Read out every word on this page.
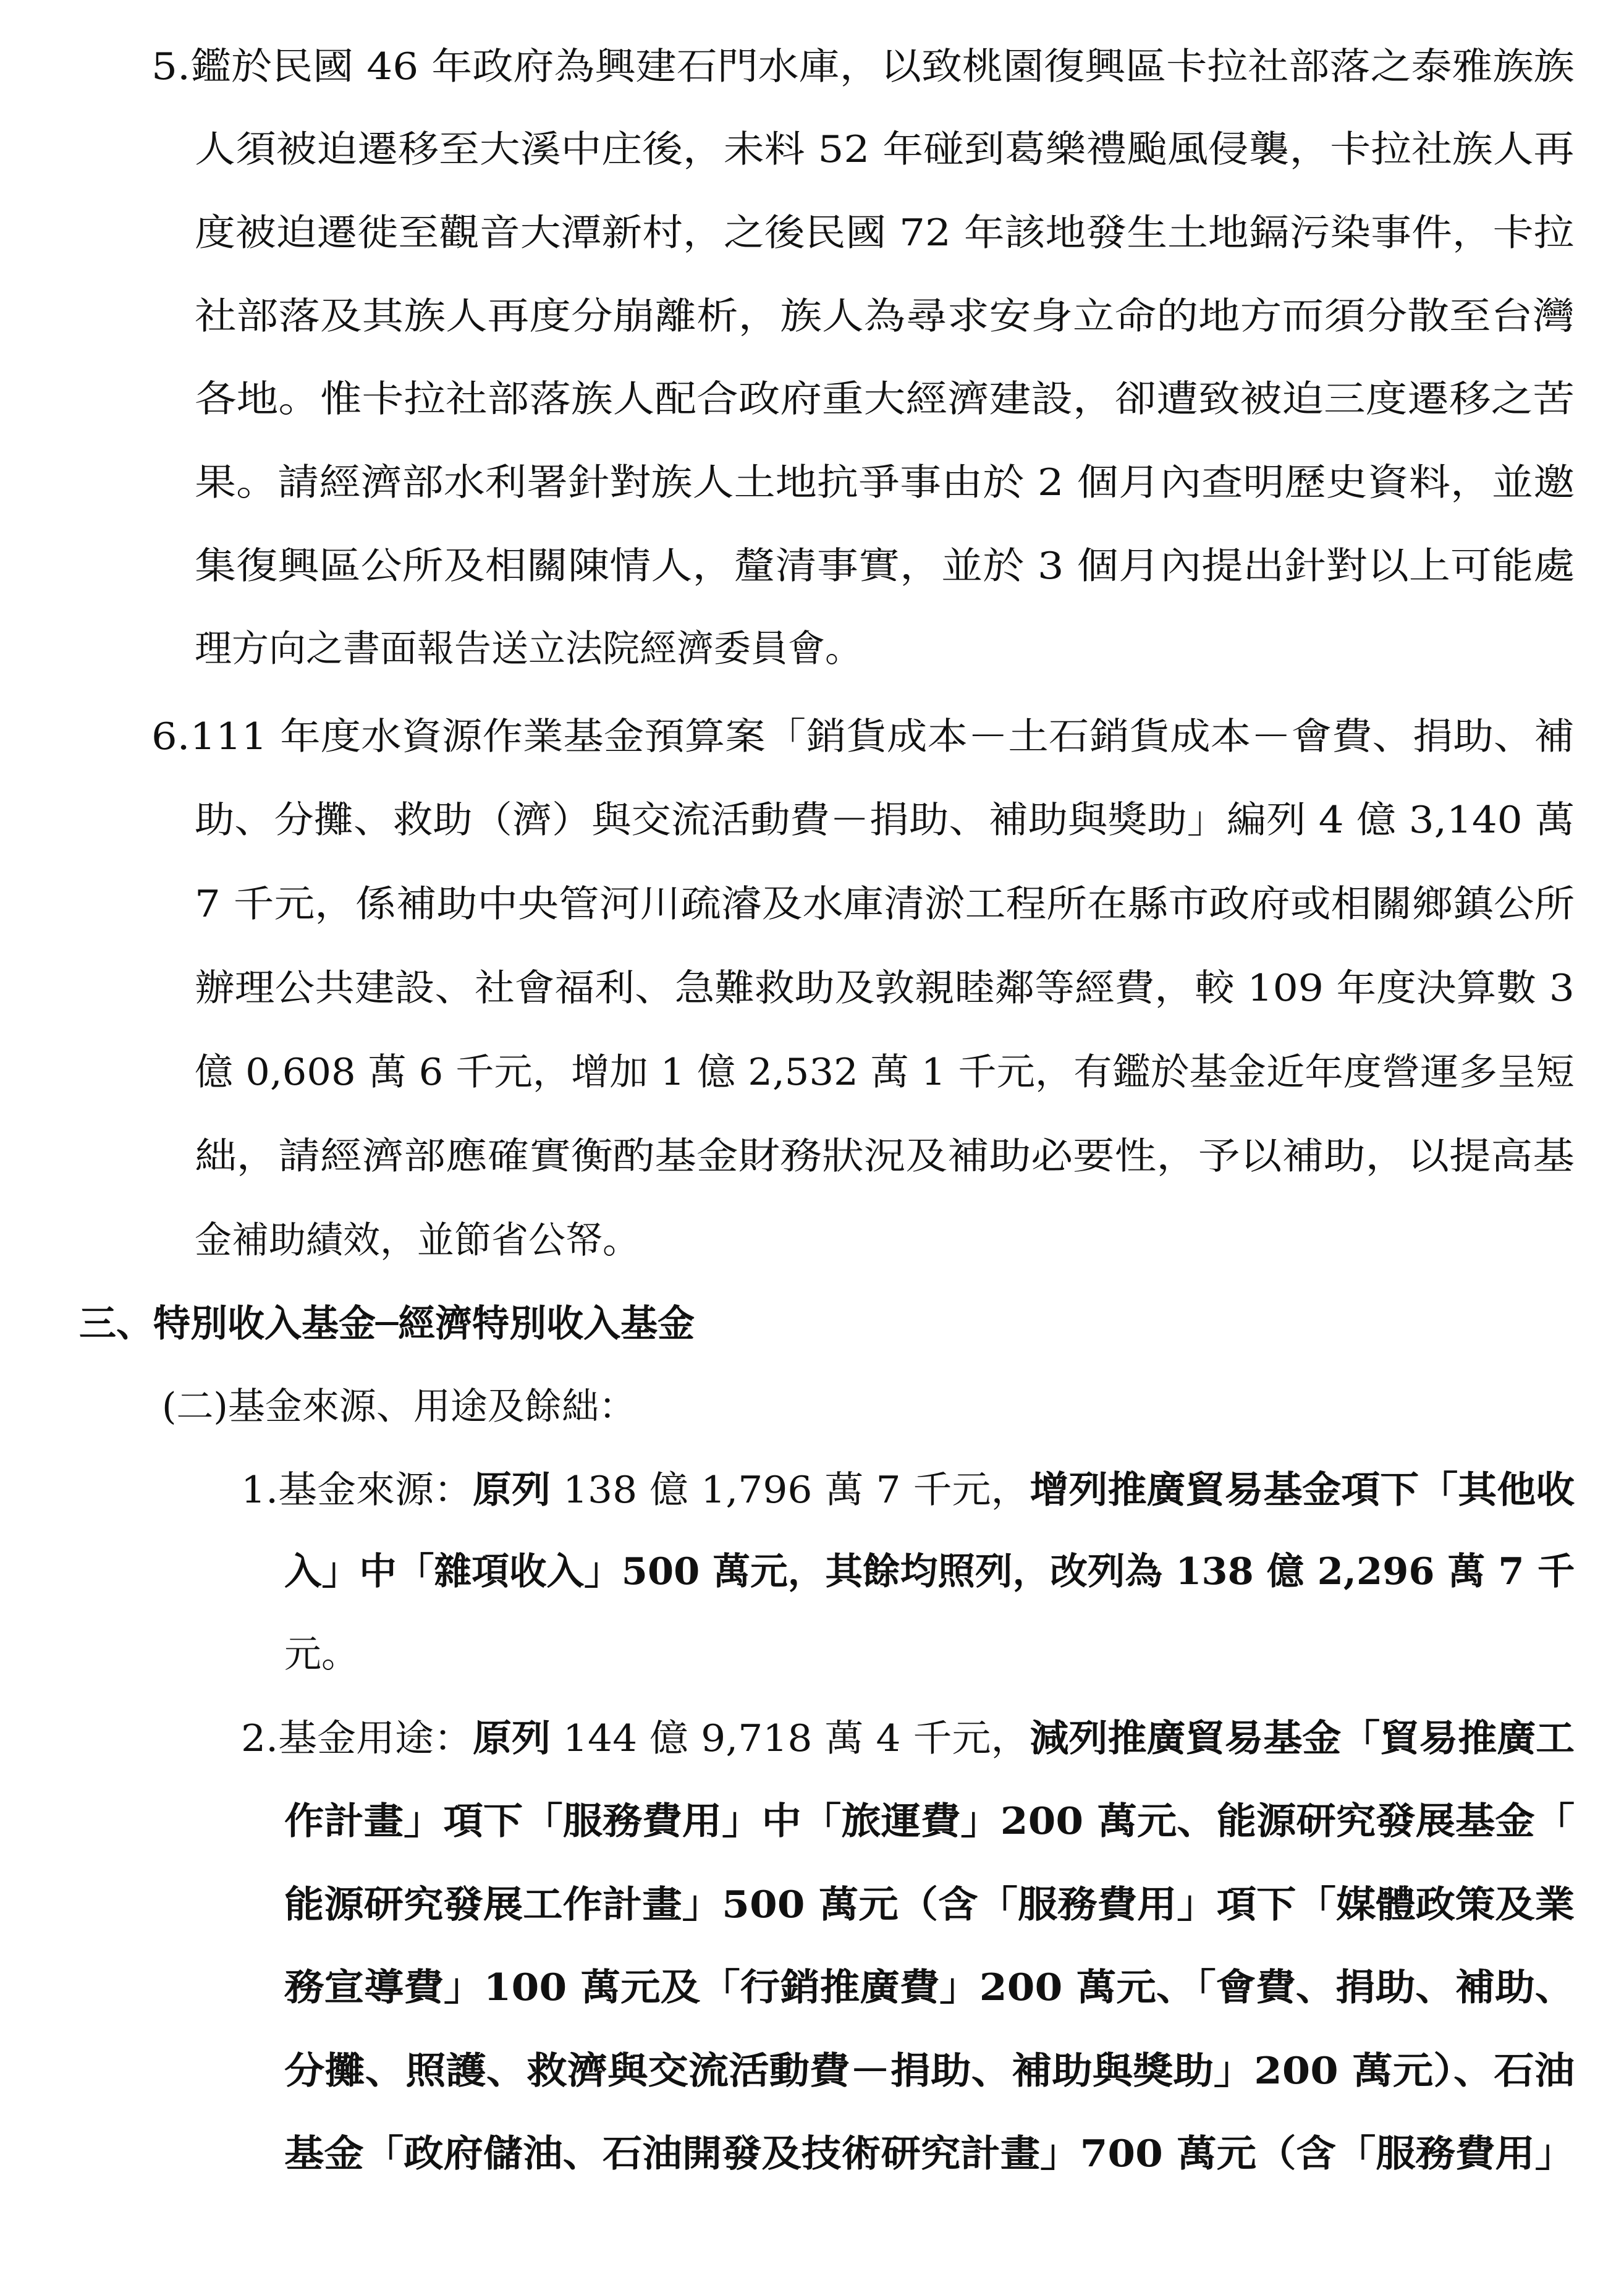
5.鑑於民國 46 年政府為興建石門水庫，以致桃園復興區卡拉社部落之泰雅族族

人須被迫遷移至大溪中庄後，未料 52 年碰到葛樂禮颱風侵襲，卡拉社族人再

度被迫遷徙至觀音大潭新村，之後民國 72 年該地發生土地鎘污染事件，卡拉

社部落及其族人再度分崩離析，族人為尋求安身立命的地方而須分散至台灣

各地。惟卡拉社部落族人配合政府重大經濟建設，卻遭致被迫三度遷移之苦

果。請經濟部水利署針對族人土地抗爭事由於 2 個月內查明歷史資料，並邀

集復興區公所及相關陳情人，釐清事實，並於 3 個月內提出針對以上可能處

理方向之書面報告送立法院經濟委員會。

6.111 年度水資源作業基金預算案「銷貨成本－土石銷貨成本－會費、捐助、補

助、分攤、救助（濟）與交流活動費－捐助、補助與獎助」編列 4 億 3,140 萬

7 千元，係補助中央管河川疏濬及水庫清淤工程所在縣市政府或相關鄉鎮公所

辦理公共建設、社會福利、急難救助及敦親睦鄰等經費，較 109 年度決算數 3

億 0,608 萬 6 千元，增加 1 億 2,532 萬 1 千元，有鑑於基金近年度營運多呈短

絀，請經濟部應確實衡酌基金財務狀況及補助必要性，予以補助，以提高基

金補助績效，並節省公帑。

三、特別收入基金─經濟特別收入基金

(二)基金來源、用途及餘絀：

1.基金來源：原列 138 億 1,796 萬 7 千元，增列推廣貿易基金項下「其他收

入」中「雜項收入」500 萬元，其餘均照列，改列為 138 億 2,296 萬 7 千

元。

2.基金用途：原列 144 億 9,718 萬 4 千元，減列推廣貿易基金「貿易推廣工

作計畫」項下「服務費用」中「旅運費」200 萬元、能源研究發展基金「

能源研究發展工作計畫」500 萬元（含「服務費用」項下「媒體政策及業

務宣導費」100 萬元及「行銷推廣費」200 萬元、「會費、捐助、補助、

分攤、照護、救濟與交流活動費－捐助、補助與獎助」200 萬元）、石油

基金「政府儲油、石油開發及技術研究計畫」700 萬元（含「服務費用」
